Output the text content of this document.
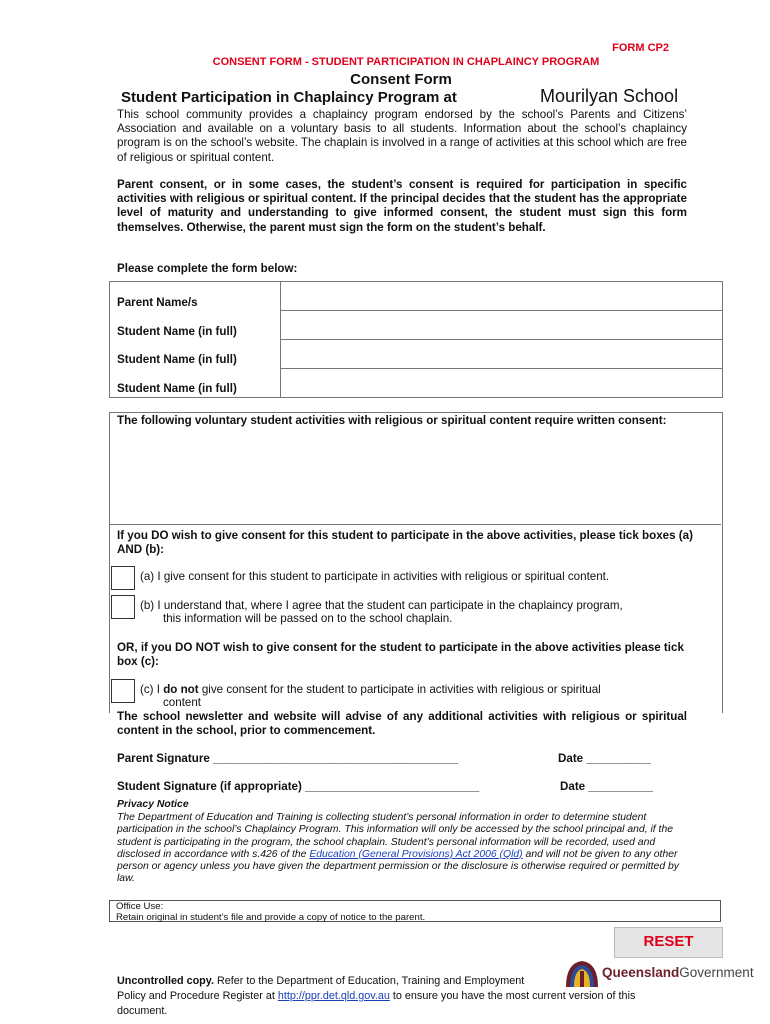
FORM CP2
CONSENT FORM - STUDENT PARTICIPATION IN CHAPLAINCY PROGRAM
Consent Form
Student Participation in Chaplaincy Program at	Mourilyan School
This school community provides a chaplaincy program endorsed by the school’s Parents and Citizens’ Association and available on a voluntary basis to all students. Information about the school’s chaplaincy program is on the school’s website. The chaplain is involved in a range of activities at this school which are free of religious or spiritual content.
Parent consent, or in some cases, the student’s consent is required for participation in specific activities with religious or spiritual content. If the principal decides that the student has the appropriate level of maturity and understanding to give informed consent, the student must sign this form themselves. Otherwise, the parent must sign the form on the student’s behalf.
Please complete the form below:
Parent Name/s
Student Name (in full)
Student Name (in full)
Student Name (in full)
The following voluntary student activities with religious or spiritual content require written consent:
If you DO wish to give consent for this student to participate in the above activities, please tick boxes (a) AND (b):
(a) I give consent for this student to participate in activities with religious or spiritual content.
(b) I understand that, where I agree that the student can participate in the chaplaincy program,
this information will be passed on to the school chaplain.
OR, if you DO NOT wish to give consent for the student to participate in the above activities please tick box (c):
(c) I do not give consent for the student to participate in activities with religious or spiritual
content
The school newsletter and website will advise of any additional activities with religious or spiritual content in the school, prior to commencement.
Parent Signature ______________________________________	Date __________
Student Signature (if appropriate) ___________________________	Date __________
Privacy Notice
The Department of Education and Training is collecting student’s personal information in order to determine student participation in the school’s Chaplaincy Program. This information will only be accessed by the school principal and, if the student is participating in the program, the school chaplain. Student’s personal information will be recorded, used and disclosed in accordance with s.426 of the Education (General Provisions) Act 2006 (Qld) and will not be given to any other person or agency unless you have given the department permission or the disclosure is otherwise required or permitted by law.
Office Use:
Retain original in student’s file and provide a copy of notice to the parent.
RESET
QueenslandGovernment
Uncontrolled copy. Refer to the Department of Education, Training and Employment
Policy and Procedure Register at http://ppr.det.qld.gov.au to ensure you have the most current version of this
document.
